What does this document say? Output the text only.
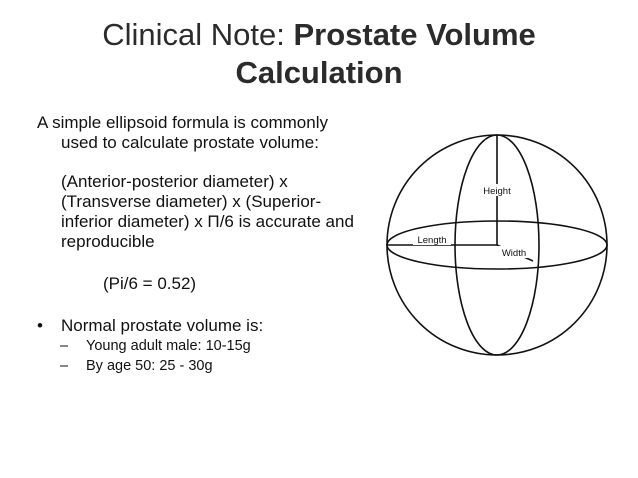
Clinical Note: Prostate Volume
Calculation

A simple ellipsoid formula is commonly used to calculate prostate volume:

(Anterior-posterior diameter) x (Transverse diameter) x (Superior-inferior diameter) x Π/6 is accurate and reproducible

(Pi/6 = 0.52)

•	Normal prostate volume is:
–	Young adult male: 10-15g
–	By age 50: 25 - 30g
Height
Length
Width
